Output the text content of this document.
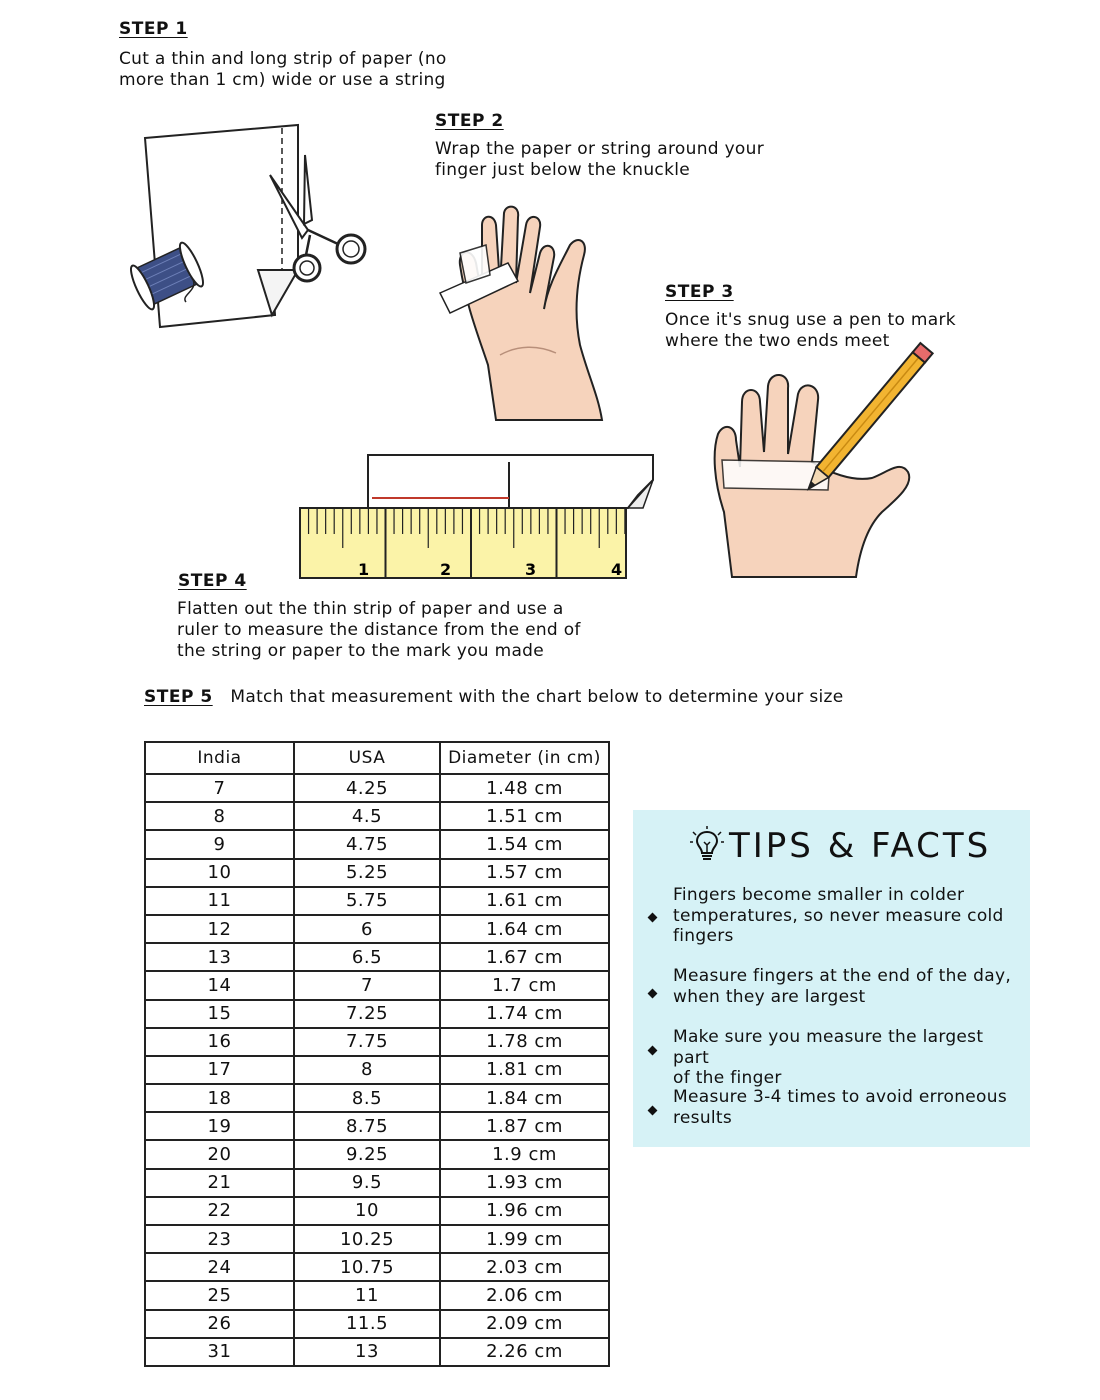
STEP 1
Cut a thin and long strip of paper (no
more than 1 cm) wide or use a string
STEP 2
Wrap the paper or string around your
finger just below the knuckle
STEP 3
Once it's snug use a pen to mark
where the two ends meet
1	2	3	4
STEP 4
Flatten out the thin strip of paper and use a
ruler to measure the distance from the end of
the string or paper to the mark you made
STEP 5 Match that measurement with the chart below to determine your size
India	USA	Diameter (in cm)
7	4.25	1.48 cm
8	4.5	1.51 cm
9	4.75	1.54 cm
10	5.25	1.57 cm
11	5.75	1.61 cm
12	6	1.64 cm
13	6.5	1.67 cm
14	7	1.7 cm
15	7.25	1.74 cm
16	7.75	1.78 cm
17	8	1.81 cm
18	8.5	1.84 cm
19	8.75	1.87 cm
20	9.25	1.9 cm
21	9.5	1.93 cm
22	10	1.96 cm
23	10.25	1.99 cm
24	10.75	2.03 cm
25	11	2.06 cm
26	11.5	2.09 cm
31	13	2.26 cm
TIPS & FACTS
Fingers become smaller in colder
temperatures, so never measure cold
fingers
Measure fingers at the end of the day,
when they are largest
Make sure you measure the largest part
of the finger
Measure 3-4 times to avoid erroneous
results
